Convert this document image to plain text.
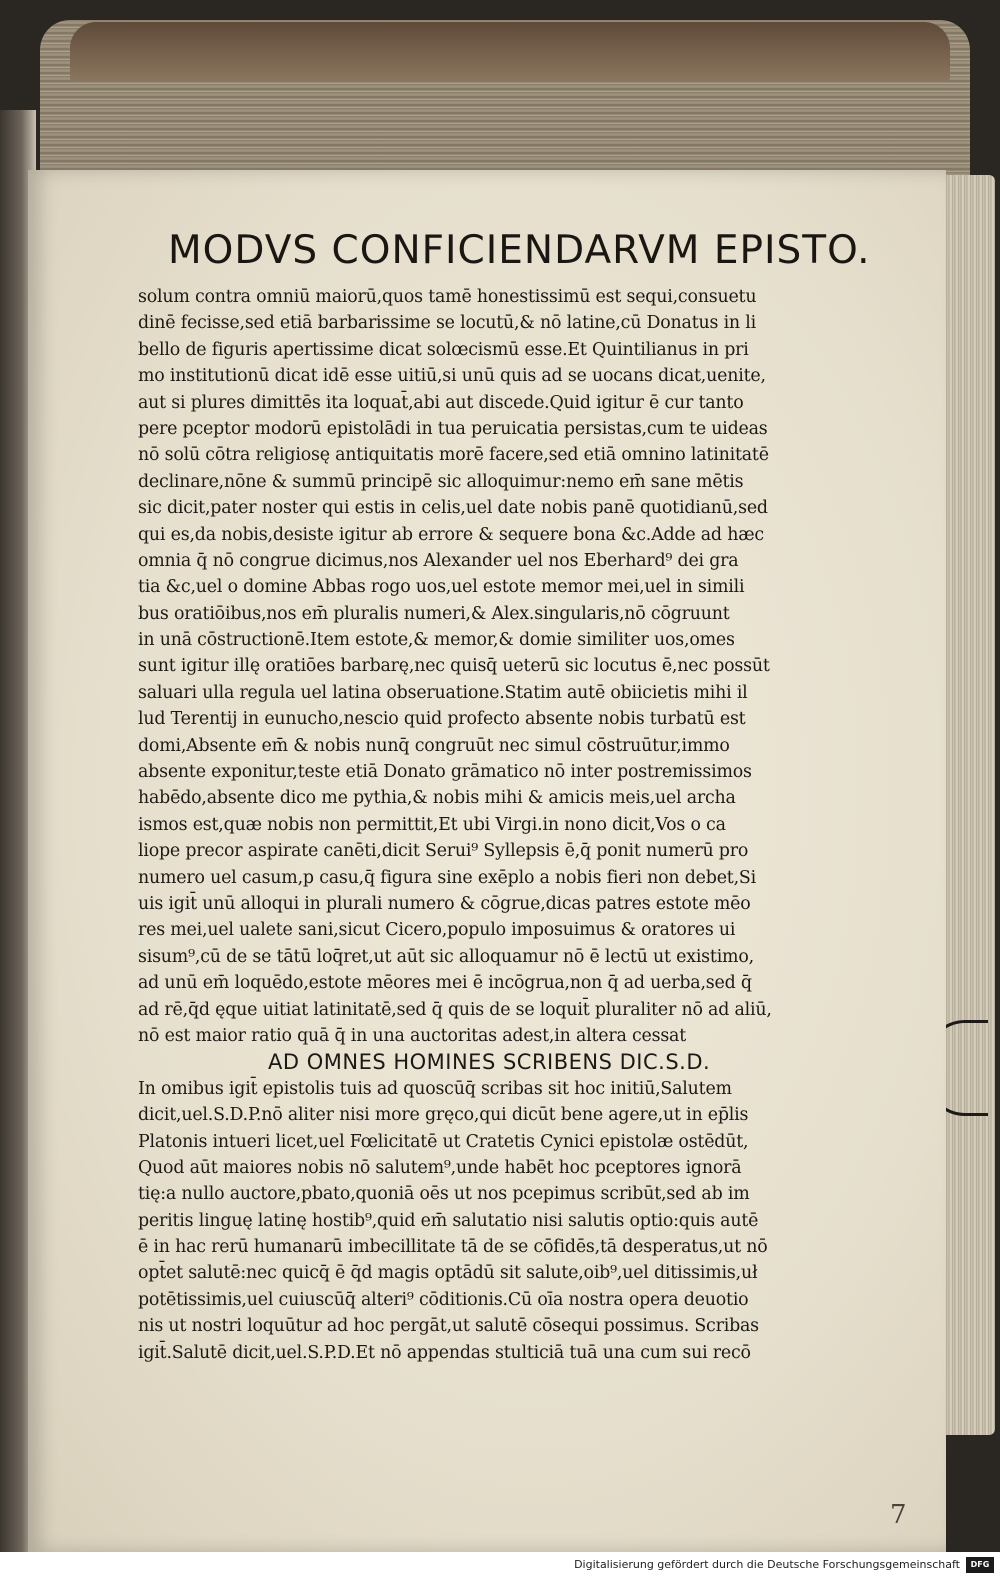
MODVS CONFICIENDARVM EPISTO.
solum contra omniū maiorū,quos tamē honestissimū est sequi,consuetu
dinē fecisse,sed etiā barbarissime se locutū,& nō latine,cū Donatus in li
bello de figuris apertissime dicat solœcismū esse.Et Quintilianus in pri
mo institutionū dicat idē esse uitiū,si unū quis ad se uocans dicat,uenite,
aut si plures dimittēs ita loquat̄,abi aut discede.Quid igitur ē cur tanto
pere pceptor modorū epistolādi in tua peruicatia persistas,cum te uideas
nō solū cōtra religiosę antiquitatis morē facere,sed etiā omnino latinitatē
declinare,nōne & summū principē sic alloquimur:nemo em̄ sane mētis
sic dicit,pater noster qui estis in celis,uel date nobis panē quotidianū,sed
qui es,da nobis,desiste igitur ab errore & sequere bona &c.Adde ad hæc
omnia q̄ nō congrue dicimus,nos Alexander uel nos Eberhard⁹ dei gra
tia &c,uel o domine Abbas rogo uos,uel estote memor mei,uel in simili
bus oratiōibus,nos em̄ pluralis numeri,& Alex.singularis,nō cōgruunt
in unā cōstructionē.Item estote,& memor,& domie similiter uos,omes
sunt igitur illę oratiōes barbarę,nec quisq̄ ueterū sic locutus ē,nec possūt
saluari ulla regula uel latina obseruatione.Statim autē obiicietis mihi il
lud Terentij in eunucho,nescio quid profecto absente nobis turbatū est
domi,Absente em̄ & nobis nunq̄ congruūt nec simul cōstruūtur,immo
absente exponitur,teste etiā Donato grāmatico nō inter postremissimos
habēdo,absente dico me pythia,& nobis mihi & amicis meis,uel archa
ismos est,quæ nobis non permittit,Et ubi Virgi.in nono dicit,Vos o ca
liope precor aspirate canēti,dicit Serui⁹ Syllepsis ē,q̄ ponit numerū pro
numero uel casum,p casu,q̄ figura sine exēplo a nobis fieri non debet,Si
uis igit̄ unū alloqui in plurali numero & cōgrue,dicas patres estote mēo
res mei,uel ualete sani,sicut Cicero,populo imposuimus & oratores ui
sisum⁹,cū de se tātū loq̄ret,ut aūt sic alloquamur nō ē lectū ut existimo,
ad unū em̄ loquēdo,estote mēores mei ē incōgrua,non q̄ ad uerba,sed q̄
ad rē,q̄d ęque uitiat latinitatē,sed q̄ quis de se loquit̄ pluraliter nō ad aliū,
nō est maior ratio quā q̄ in una auctoritas adest,in altera cessat
AD OMNES HOMINES SCRIBENS DIC.S.D.
In omibus igit̄ epistolis tuis ad quoscūq̄ scribas sit hoc initiū,Salutem
dicit,uel.S.D.P.nō aliter nisi more gręco,qui dicūt bene agere,ut in ep̄lis
Platonis intueri licet,uel Fœlicitatē ut Cratetis Cynici epistolæ ostēdūt,
Quod aūt maiores nobis nō salutem⁹,unde habēt hoc pceptores ignorā
tię:a nullo auctore,pbato,quoniā oēs ut nos pcepimus scribūt,sed ab im
peritis linguę latinę hostib⁹,quid em̄ salutatio nisi salutis optio:quis autē
ē in hac rerū humanarū imbecillitate tā de se cōfidēs,tā desperatus,ut nō
opt̄et salutē:nec quicq̄ ē q̄d magis optādū sit salute,oib⁹,uel ditissimis,uł
potētissimis,uel cuiuscūq̄ alteri⁹ cōditionis.Cū oīa nostra opera deuotio
nis ut nostri loquūtur ad hoc pergāt,ut salutē cōsequi possimus. Scribas
igit̄.Salutē dicit,uel.S.P.D.Et nō appendas stulticiā tuā una cum sui recō
7
Digitalisierung gefördert durch die Deutsche Forschungsgemeinschaft	DFG
